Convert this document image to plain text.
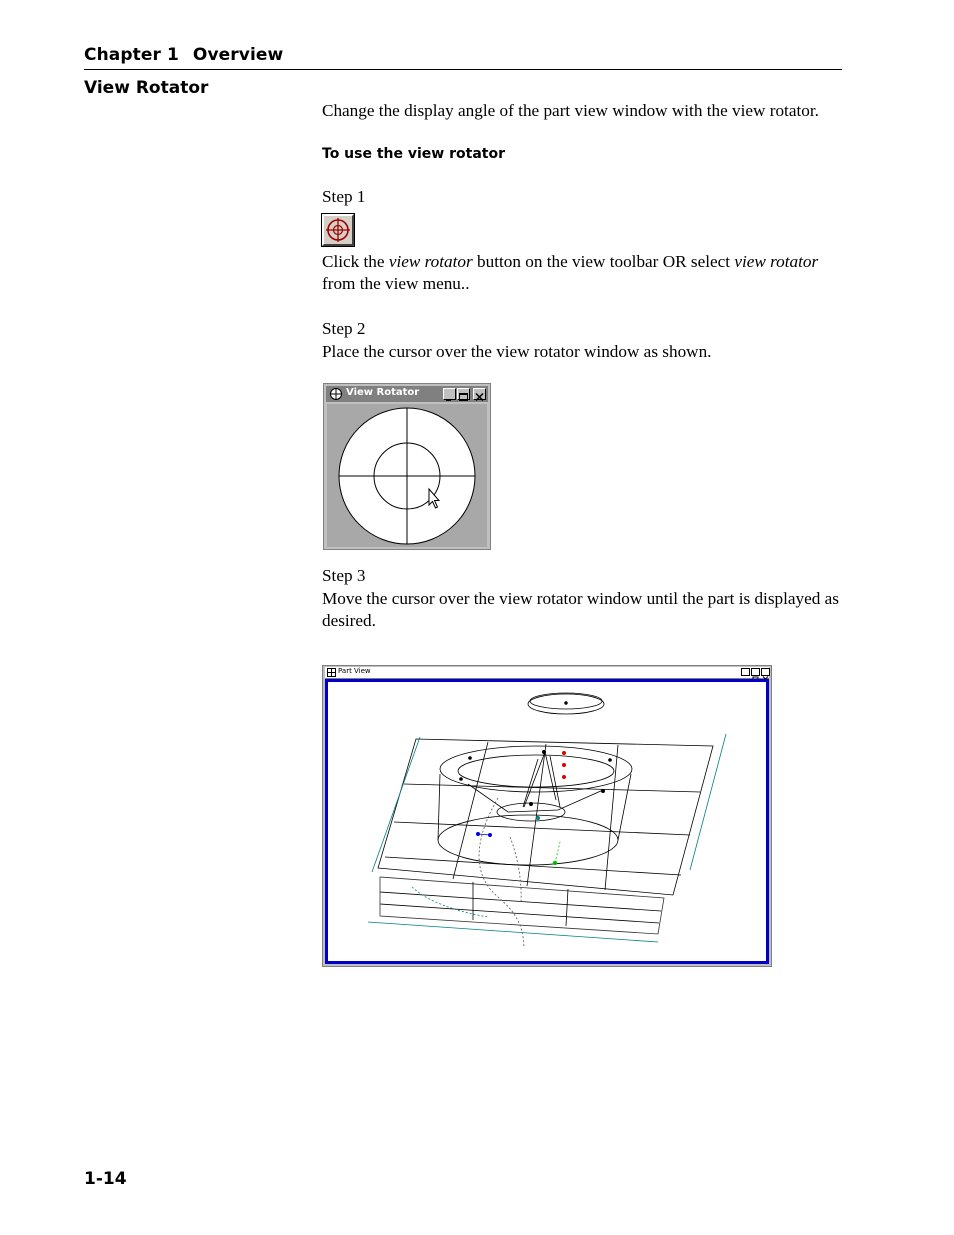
Chapter 1 Overview
View Rotator
Change the display angle of the part view window with the view rotator.
To use the view rotator
Step 1
Click the view rotator button on the view toolbar OR select view rotator from the view menu..
Step 2
Place the cursor over the view rotator window as shown.
View Rotator
Step 3
Move the cursor over the view rotator window until the part is displayed as desired.
Part View
1-14
